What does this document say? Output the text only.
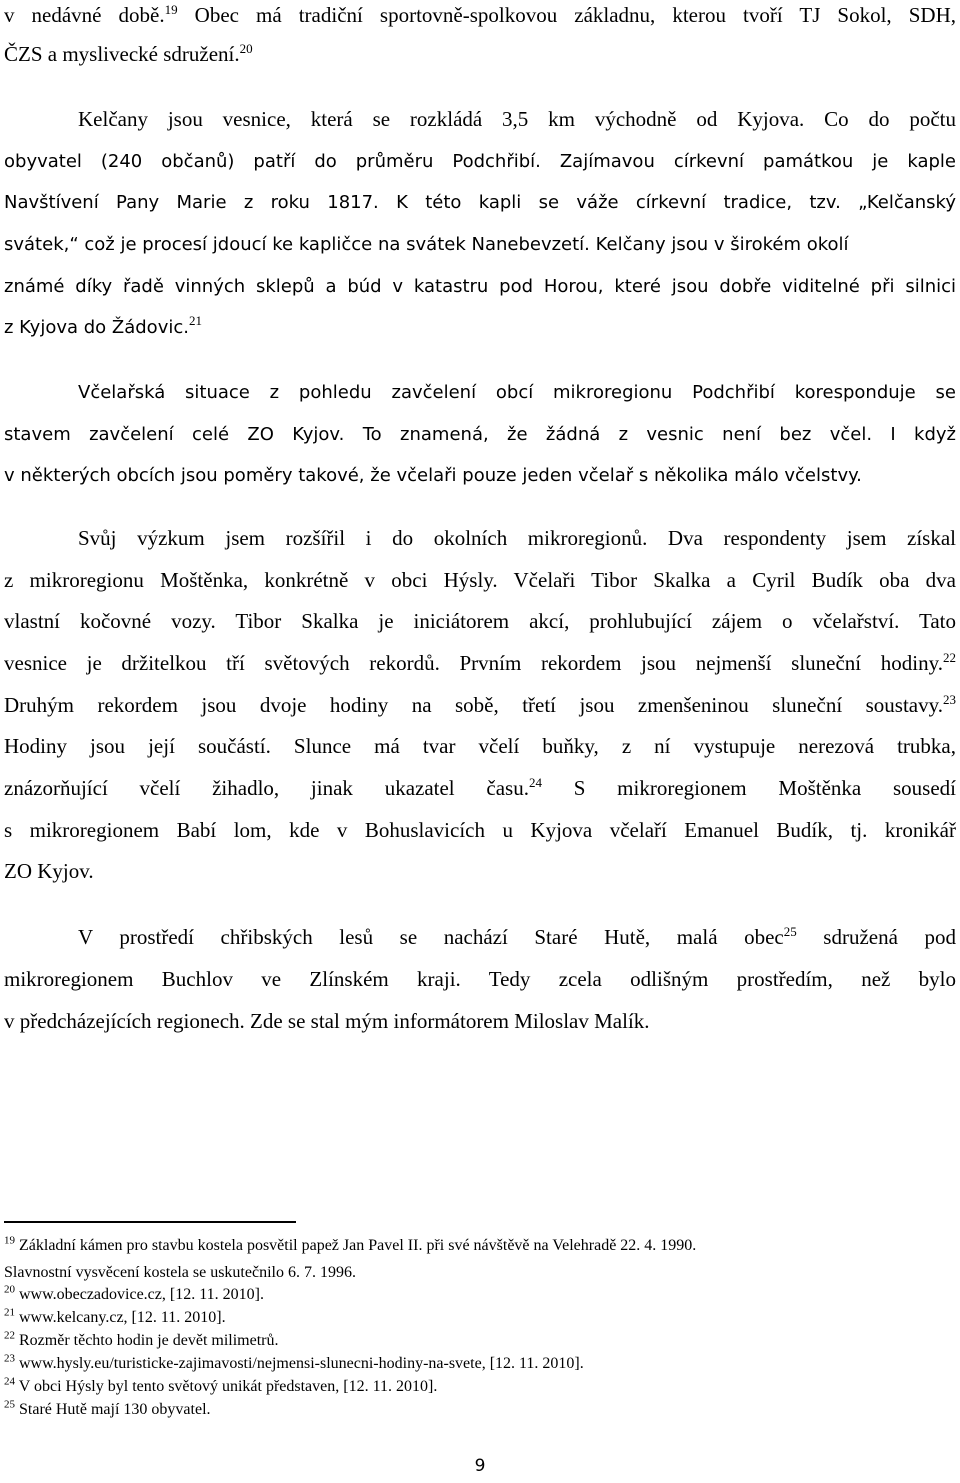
v nedávné době.$^{19}$ Obec má tradiční sportovně-spolkovou základnu, kterou tvoří TJ Sokol, SDH,
ČZS a myslivecké sdružení.$^{20}$
Kelčany jsou vesnice, která se rozkládá 3,5 km východně od Kyjova. Co do počtu
obyvatel (240 občanů) patří do průměru Podchřibí. Zajímavou církevní památkou je kaple
Navštívení Pany Marie z roku 1817. K této kapli se váže církevní tradice, tzv. „Kelčanský
svátek,“ což je procesí jdoucí ke kapličce na svátek Nanebevzetí. Kelčany jsou v širokém okolí
známé díky řadě vinných sklepů a búd v katastru pod Horou, které jsou dobře viditelné při silnici
z Kyjova do Žádovic.$^{21}$
Včelařská situace z pohledu zavčelení obcí mikroregionu Podchřibí koresponduje se
stavem zavčelení celé ZO Kyjov. To znamená, že žádná z vesnic není bez včel. I když
v některých obcích jsou poměry takové, že včelaři pouze jeden včelař s několika málo včelstvy.
Svůj výzkum jsem rozšířil i do okolních mikroregionů. Dva respondenty jsem získal
z mikroregionu Moštěnka, konkrétně v obci Hýsly. Včelaři Tibor Skalka a Cyril Budík oba dva
vlastní kočovné vozy. Tibor Skalka je iniciátorem akcí, prohlubující zájem o včelařství. Tato
vesnice je držitelkou tří světových rekordů. Prvním rekordem jsou nejmenší sluneční hodiny.$^{22}$
Druhým rekordem jsou dvoje hodiny na sobě, třetí jsou zmenšeninou sluneční soustavy.$^{23}$
Hodiny jsou její součástí. Slunce má tvar včelí buňky, z ní vystupuje nerezová trubka,
znázorňující včelí žihadlo, jinak ukazatel času.$^{24}$ S mikroregionem Moštěnka sousedí
s mikroregionem Babí lom, kde v Bohuslavicích u Kyjova včelaří Emanuel Budík, tj. kronikář
ZO Kyjov.
V prostředí chřibských lesů se nachází Staré Hutě, malá obec$^{25}$ sdružená pod
mikroregionem Buchlov ve Zlínském kraji. Tedy zcela odlišným prostředím, než bylo
v předcházejících regionech. Zde se stal mým informátorem Miloslav Malík.
$^{19}$ Základní kámen pro stavbu kostela posvětil papež Jan Pavel II. při své návštěvě na Velehradě 22. 4. 1990.
Slavnostní vysvěcení kostela se uskutečnilo 6. 7. 1996.
$^{20}$ www.obeczadovice.cz, [12. 11. 2010].
$^{21}$ www.kelcany.cz, [12. 11. 2010].
$^{22}$ Rozměr těchto hodin je devět milimetrů.
$^{23}$ www.hysly.eu/turisticke-zajimavosti/nejmensi-slunecni-hodiny-na-svete, [12. 11. 2010].
$^{24}$ V obci Hýsly byl tento světový unikát představen, [12. 11. 2010].
$^{25}$ Staré Hutě mají 130 obyvatel.
9
